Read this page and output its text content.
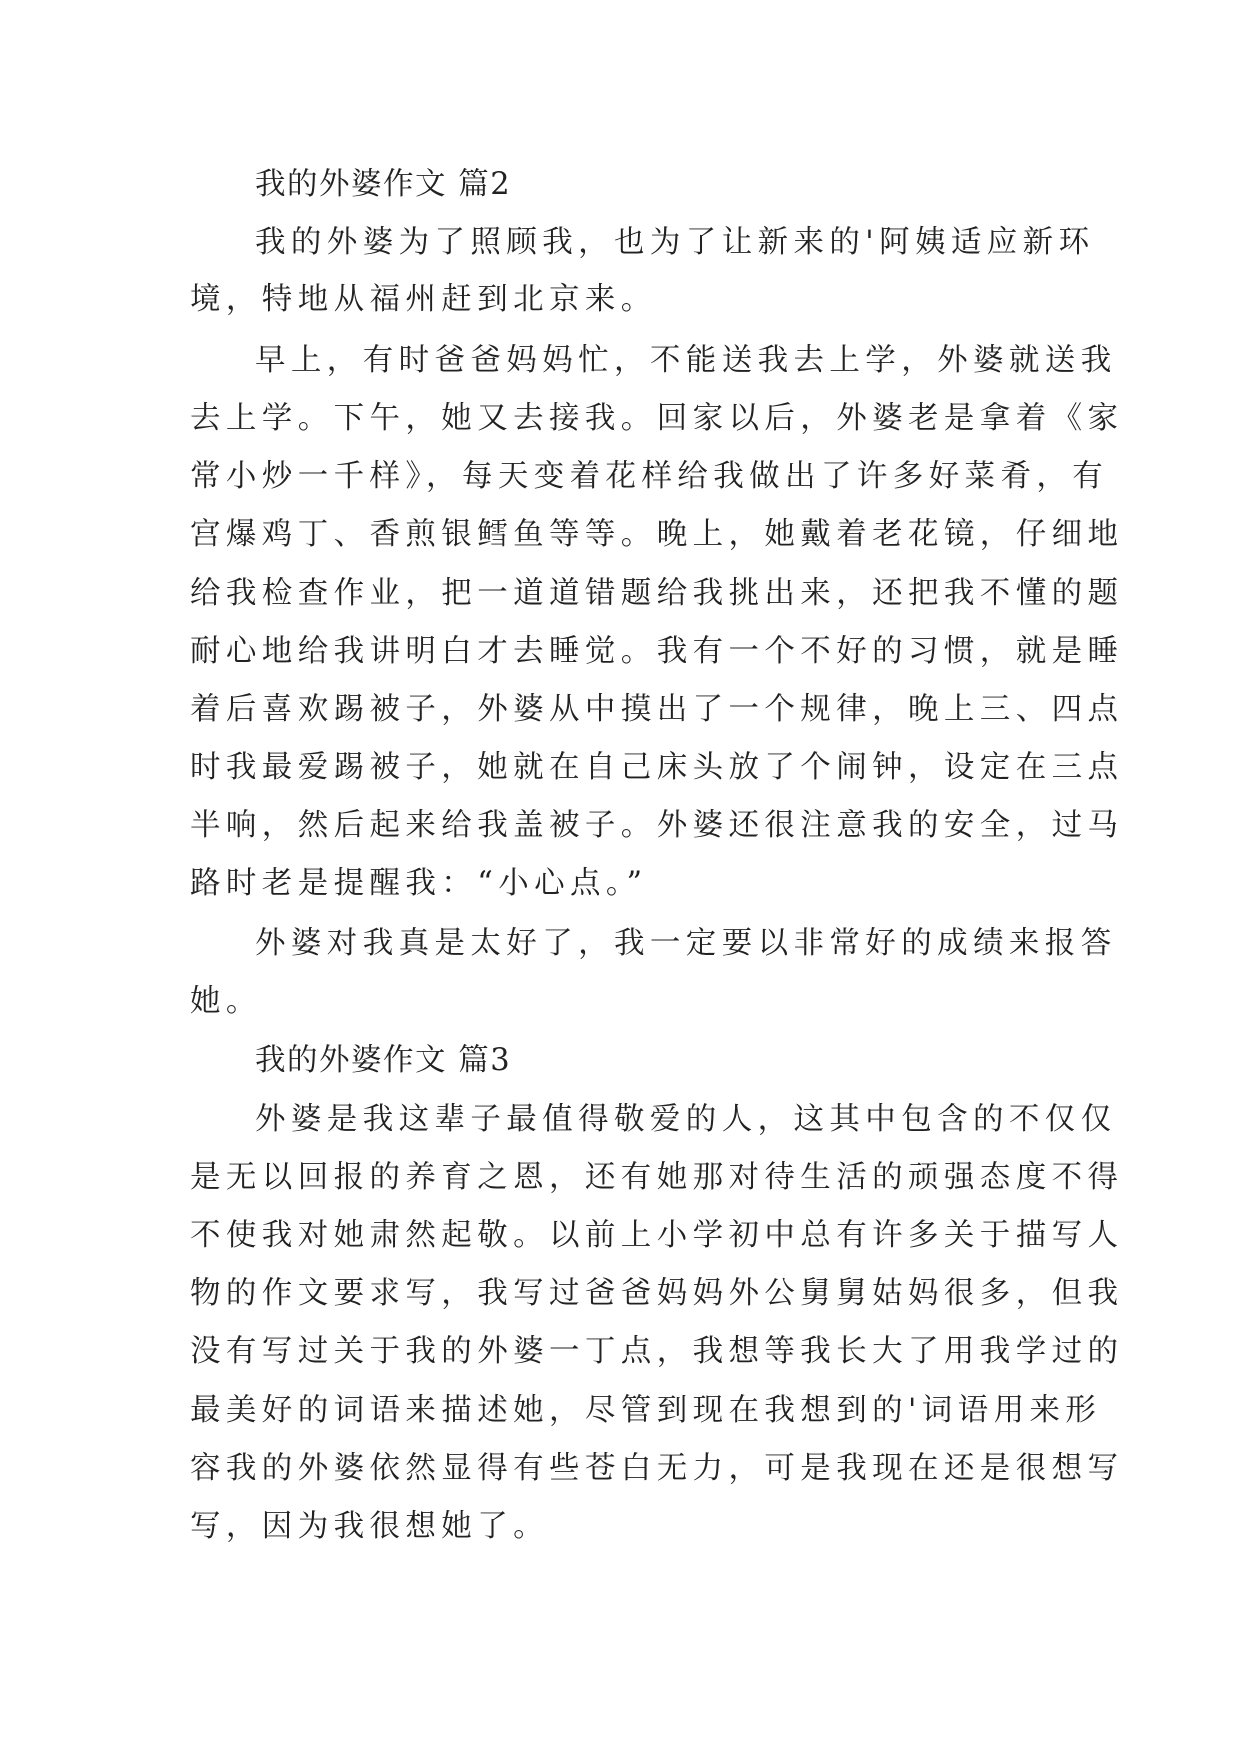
我的外婆作文 篇2

我的外婆为了照顾我，也为了让新来的'阿姨适应新环

境，特地从福州赶到北京来。

早上，有时爸爸妈妈忙，不能送我去上学，外婆就送我

去上学。下午，她又去接我。回家以后，外婆老是拿着《家

常小炒一千样》，每天变着花样给我做出了许多好菜肴，有

宫爆鸡丁、香煎银鳕鱼等等。晚上，她戴着老花镜，仔细地

给我检查作业，把一道道错题给我挑出来，还把我不懂的题

耐心地给我讲明白才去睡觉。我有一个不好的习惯，就是睡

着后喜欢踢被子，外婆从中摸出了一个规律，晚上三、四点

时我最爱踢被子，她就在自己床头放了个闹钟，设定在三点

半响，然后起来给我盖被子。外婆还很注意我的安全，过马

路时老是提醒我：“小心点。”

外婆对我真是太好了，我一定要以非常好的成绩来报答

她。

我的外婆作文 篇3

外婆是我这辈子最值得敬爱的人，这其中包含的不仅仅

是无以回报的养育之恩，还有她那对待生活的顽强态度不得

不使我对她肃然起敬。以前上小学初中总有许多关于描写人

物的作文要求写，我写过爸爸妈妈外公舅舅姑妈很多，但我

没有写过关于我的外婆一丁点，我想等我长大了用我学过的

最美好的词语来描述她，尽管到现在我想到的'词语用来形

容我的外婆依然显得有些苍白无力，可是我现在还是很想写

写，因为我很想她了。
